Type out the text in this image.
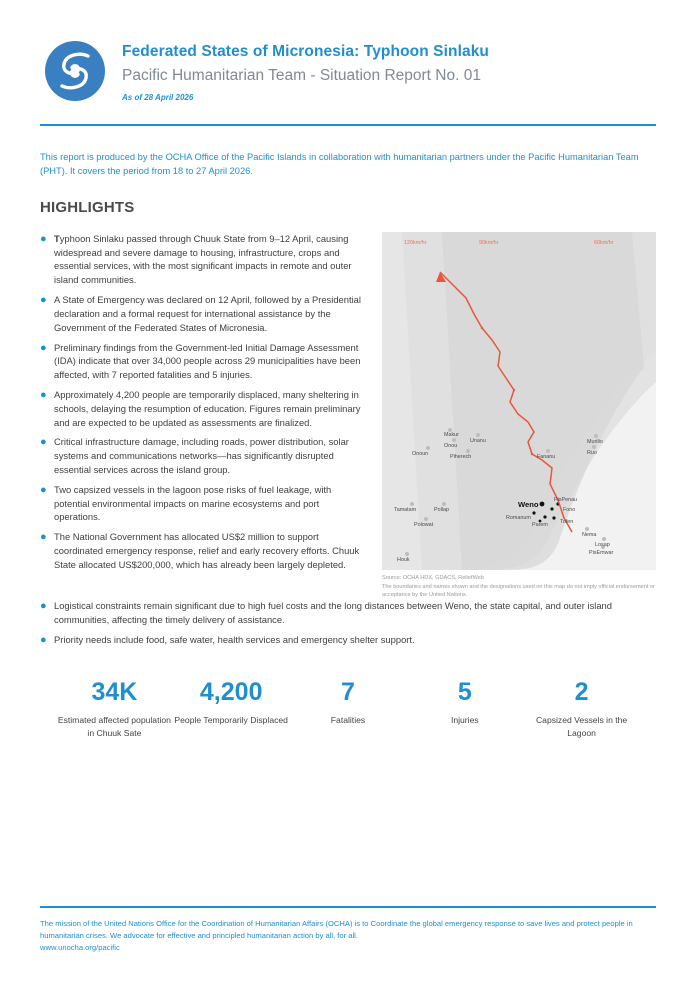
Federated States of Micronesia: Typhoon Sinlaku
Pacific Humanitarian Team - Situation Report No. 01
As of 28 April 2026
This report is produced by the OCHA Office of the Pacific Islands in collaboration with humanitarian partners under the Pacific Humanitarian Team (PHT). It covers the period from 18 to 27 April 2026.
HIGHLIGHTS
● Typhoon Sinlaku passed through Chuuk State from 9–12 April, causing widespread and severe damage to housing, infrastructure, crops and essential services, with the most significant impacts in remote and outer island communities.
● A State of Emergency was declared on 12 April, followed by a Presidential declaration and a formal request for international assistance by the Government of the Federated States of Micronesia.
● Preliminary findings from the Government-led Initial Damage Assessment (IDA) indicate that over 34,000 people across 29 municipalities have been affected, with 7 reported fatalities and 5 injuries.
● Approximately 4,200 people are temporarily displaced, many sheltering in schools, delaying the resumption of education. Figures remain preliminary and are expected to be updated as assessments are finalized.
● Critical infrastructure damage, including roads, power distribution, solar systems and communications networks—has significantly disrupted essential services across the island group.
● Two capsized vessels in the lagoon pose risks of fuel leakage, with potential environmental impacts on marine ecosystems and port operations.
● The National Government has allocated US$2 million to support coordinated emergency response, relief and early recovery efforts. Chuuk State allocated US$200,000, which has already been largely depleted.
120km/hr	90km/hr	60km/hr
Makur
Onou
Unanu
Onoun	Piherech	Fananu
Murilio
Ruo
Tamatam	Pollap
Polowat
Weno	PisPenau
Fono
Romanum
Tofen
Parem
Nema
Losap
PisEmwar
Houk
Source: OCHA HDX, GDACS, ReliefWeb
The boundaries and names shown and the designations used on this map do not imply official endorsement or acceptance by the United Nations.
● Logistical constraints remain significant due to high fuel costs and the long distances between Weno, the state capital, and outer island communities, affecting the timely delivery of assistance.
● Priority needs include food, safe water, health services and emergency shelter support.
34K
Estimated affected population in Chuuk Sate
4,200
People Temporarily Displaced
7
Fatalities
5
Injuries
2
Capsized Vessels in the Lagoon
The mission of the United Nations Office for the Coordination of Humanitarian Affairs (OCHA) is to Coordinate the global emergency response to save lives and protect people in humanitarian crises. We advocate for effective and principled humanitarian action by all, for all.
www.unocha.org/pacific
